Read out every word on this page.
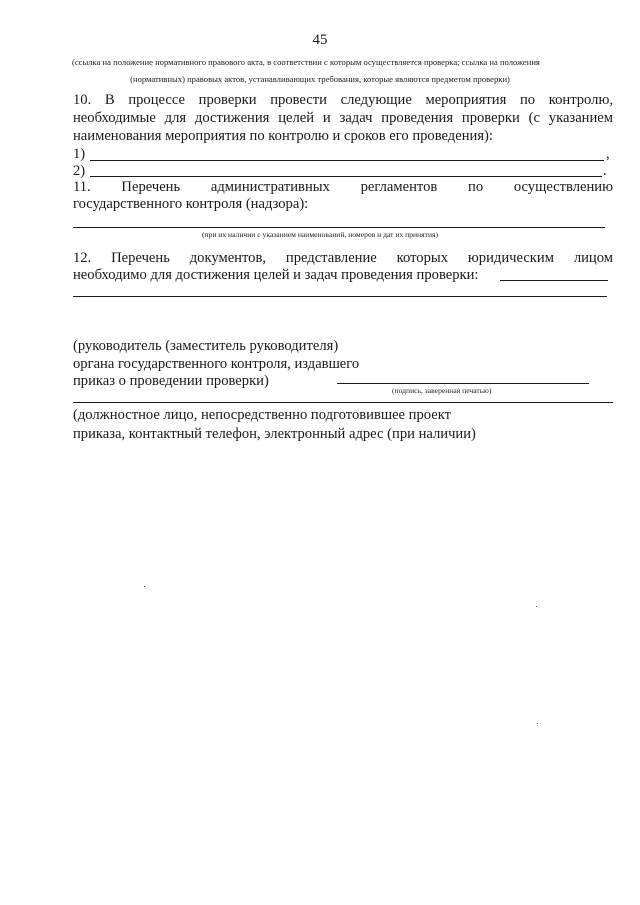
45
(ссылка на положение нормативного правового акта, в соответствии с которым осуществляется проверка; ссылка на положения
(нормативных) правовых актов, устанавливающих требования, которые являются предметом проверки)
10. В процессе проверки провести следующие мероприятия по контролю,
необходимые для достижения целей и задач проведения проверки (с указанием
наименования мероприятия по контролю и сроков его проведения):
1)	,
2)	.
11. Перечень административных регламентов по осуществлению
государственного контроля (надзора):
(при их наличии с указанием наименований, номеров и дат их принятия)
12. Перечень документов, представление которых юридическим лицом
необходимо для достижения целей и задач проведения проверки:
(руководитель (заместитель руководителя)
органа государственного контроля, издавшего
приказ о проведении проверки)
(подпись, заверенная печатью)
(должностное лицо, непосредственно подготовившее проект
приказа, контактный телефон, электронный адрес (при наличии)
